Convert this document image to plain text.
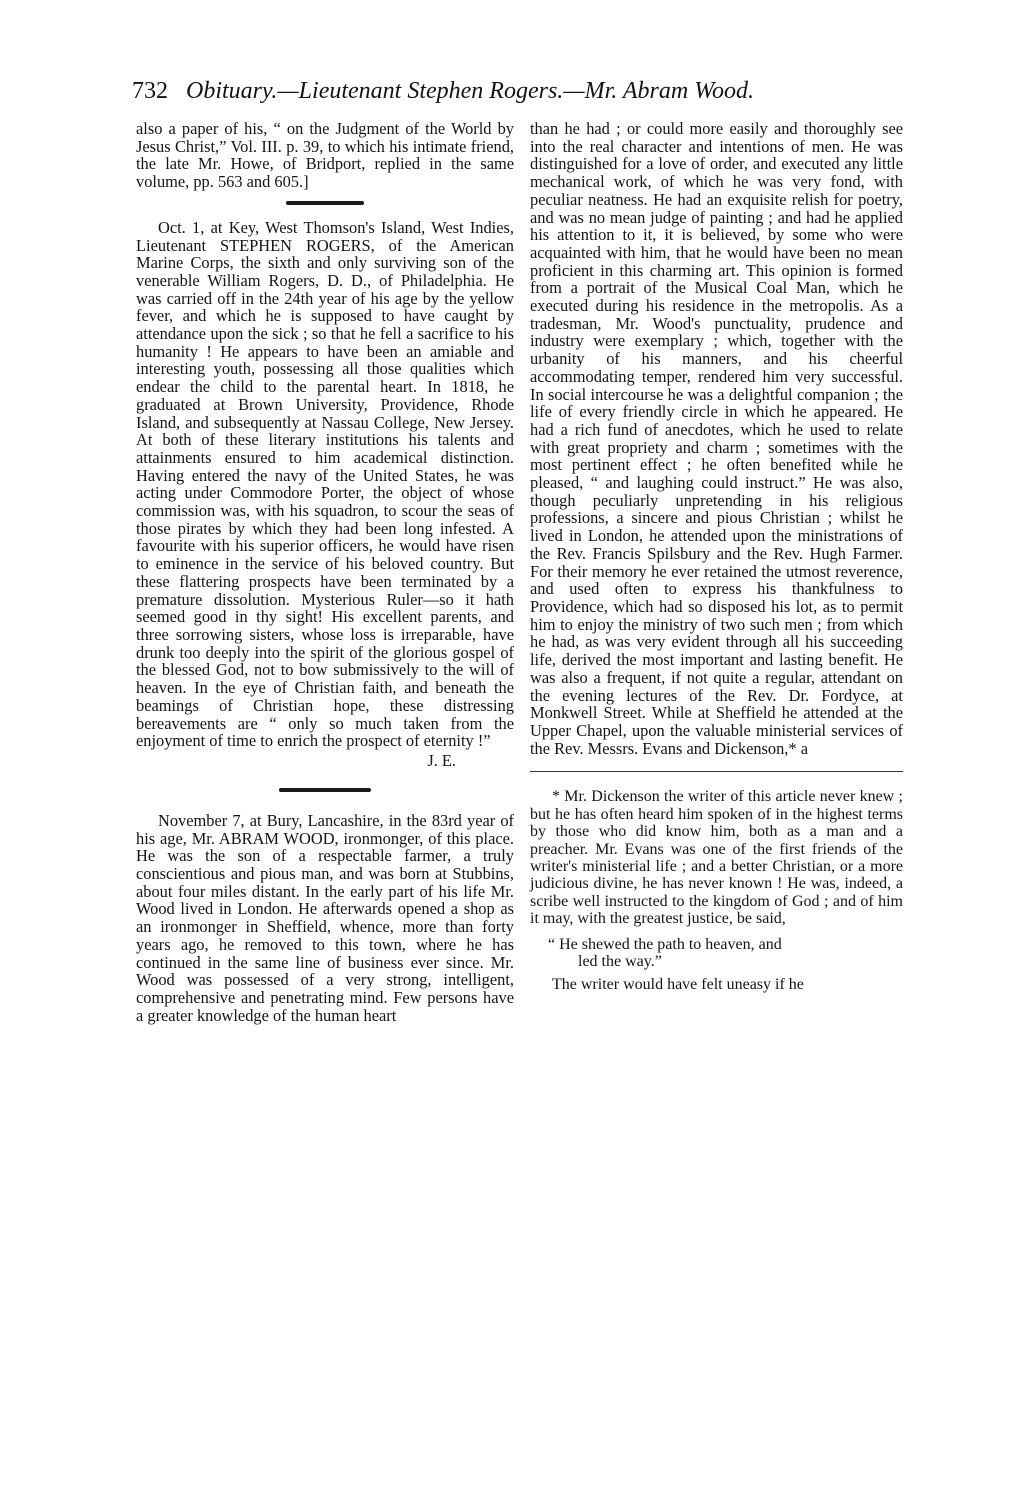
732 Obituary.—Lieutenant Stephen Rogers.—Mr. Abram Wood.

also a paper of his, “ on the Judgment of the World by Jesus Christ,” Vol. III. p. 39, to which his intimate friend, the late Mr. Howe, of Bridport, replied in the same volume, pp. 563 and 605.]

Oct. 1, at Key, West Thomson's Island, West Indies, Lieutenant STEPHEN ROGERS, of the American Marine Corps, the sixth and only surviving son of the venerable William Rogers, D. D., of Philadelphia. He was carried off in the 24th year of his age by the yellow fever, and which he is supposed to have caught by attendance upon the sick ; so that he fell a sacrifice to his humanity ! He appears to have been an amiable and interesting youth, possessing all those qualities which endear the child to the parental heart. In 1818, he graduated at Brown University, Providence, Rhode Island, and subsequently at Nassau College, New Jersey. At both of these literary institutions his talents and attainments ensured to him academical distinction. Having entered the navy of the United States, he was acting under Commodore Porter, the object of whose commission was, with his squadron, to scour the seas of those pirates by which they had been long infested. A favourite with his superior officers, he would have risen to eminence in the service of his beloved country. But these flattering prospects have been terminated by a premature dissolution. Mysterious Ruler—so it hath seemed good in thy sight! His excellent parents, and three sorrowing sisters, whose loss is irreparable, have drunk too deeply into the spirit of the glorious gospel of the blessed God, not to bow submissively to the will of heaven. In the eye of Christian faith, and beneath the beamings of Christian hope, these distressing bereavements are “ only so much taken from the enjoyment of time to enrich the prospect of eternity !”

J. E.

November 7, at Bury, Lancashire, in the 83rd year of his age, Mr. ABRAM WOOD, ironmonger, of this place. He was the son of a respectable farmer, a truly conscientious and pious man, and was born at Stubbins, about four miles distant. In the early part of his life Mr. Wood lived in London. He afterwards opened a shop as an ironmonger in Sheffield, whence, more than forty years ago, he removed to this town, where he has continued in the same line of business ever since. Mr. Wood was possessed of a very strong, intelligent, comprehensive and penetrating mind. Few persons have a greater knowledge of the human heart

than he had ; or could more easily and thoroughly see into the real character and intentions of men. He was distinguished for a love of order, and executed any little mechanical work, of which he was very fond, with peculiar neatness. He had an exquisite relish for poetry, and was no mean judge of painting ; and had he applied his attention to it, it is believed, by some who were acquainted with him, that he would have been no mean proficient in this charming art. This opinion is formed from a portrait of the Musical Coal Man, which he executed during his residence in the metropolis. As a tradesman, Mr. Wood's punctuality, prudence and industry were exemplary ; which, together with the urbanity of his manners, and his cheerful accommodating temper, rendered him very successful. In social intercourse he was a delightful companion ; the life of every friendly circle in which he appeared. He had a rich fund of anecdotes, which he used to relate with great propriety and charm ; sometimes with the most pertinent effect ; he often benefited while he pleased, “ and laughing could instruct.” He was also, though peculiarly unpretending in his religious professions, a sincere and pious Christian ; whilst he lived in London, he attended upon the ministrations of the Rev. Francis Spilsbury and the Rev. Hugh Farmer. For their memory he ever retained the utmost reverence, and used often to express his thankfulness to Providence, which had so disposed his lot, as to permit him to enjoy the ministry of two such men ; from which he had, as was very evident through all his succeeding life, derived the most important and lasting benefit. He was also a frequent, if not quite a regular, attendant on the evening lectures of the Rev. Dr. Fordyce, at Monkwell Street. While at Sheffield he attended at the Upper Chapel, upon the valuable ministerial services of the Rev. Messrs. Evans and Dickenson,* a

* Mr. Dickenson the writer of this article never knew ; but he has often heard him spoken of in the highest terms by those who did know him, both as a man and a preacher. Mr. Evans was one of the first friends of the writer's ministerial life ; and a better Christian, or a more judicious divine, he has never known ! He was, indeed, a scribe well instructed to the kingdom of God ; and of him it may, with the greatest justice, be said,

“ He shewed the path to heaven, and
led the way.”

The writer would have felt uneasy if he
